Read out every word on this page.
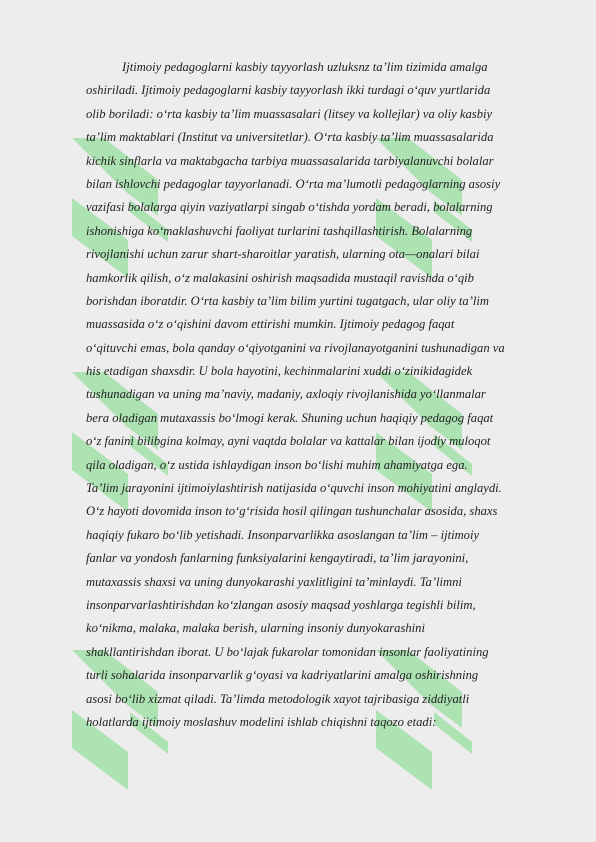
Ijtimoiy pedagoglarni kasbiy tayyorlash uzluksnz ta’lim tizimida amalga
oshiriladi. Ijtimoiy pedagoglarni kasbiy tayyorlash ikki turdagi o‘quv yurtlarida
olib boriladi: o‘rta kasbiy ta’lim muassasalari (litsey va kollejlar) va oliy kasbiy
ta’lim maktablari (Institut va universitetlar). O‘rta kasbiy ta’lim muassasalarida
kichik sinflarla va maktabgacha tarbiya muassasalarida tarbiyalanuvchi bolalar
bilan ishlovchi pedagoglar tayyorlanadi. O‘rta ma’lumotli pedagoglarning asosiy
vazifasi bolalarga qiyin vaziyatlarpi singab o‘tishda yordam beradi, bolalarning
ishonishiga ko‘maklashuvchi faoliyat turlarini tashqillashtirish. Bolalarning
rivojlanishi uchun zarur shart-sharoitlar yaratish, ularning ota—onalari bilai
hamkorlik qilish, o‘z malakasini oshirish maqsadida mustaqil ravishda o‘qib
borishdan iboratdir. O‘rta kasbiy ta’lim bilim yurtini tugatgach, ular oliy ta’lim
muassasida o‘z o‘qishini davom ettirishi mumkin. Ijtimoiy pedagog faqat
o‘qituvchi emas, bola qanday o‘qiyotganini va rivojlanayotganini tushunadigan va
his etadigan shaxsdir. U bola hayotini, kechinmalarini xuddi o‘zinikidagidek
tushunadigan va uning ma’naviy, madaniy, axloqiy rivojlanishida yo‘llanmalar
bera oladigan mutaxassis bo‘lmogi kerak. Shuning uchun haqiqiy pedagog faqat
o‘z fanini bilibgina kolmay, ayni vaqtda bolalar va kattalar bilan ijodiy muloqot
qila oladigan, o‘z ustida ishlaydigan inson bo‘lishi muhim ahamiyatga ega.
Ta’lim jarayonini ijtimoiylashtirish natijasida o‘quvchi inson mohiyatini anglaydi.
O‘z hayoti dovomida inson to‘g‘risida hosil qilingan tushunchalar asosida, shaxs
haqiqiy fukaro bo‘lib yetishadi. Insonparvarlikka asoslangan ta’lim – ijtimoiy
fanlar va yondosh fanlarning funksiyalarini kengaytiradi, ta’lim jarayonini,
mutaxassis shaxsi va uning dunyokarashi yaxlitligini ta’minlaydi. Ta’limni
insonparvarlashtirishdan ko‘zlangan asosiy maqsad yoshlarga tegishli bilim,
ko‘nikma, malaka, malaka berish, ularning insoniy dunyokarashini
shakllantirishdan iborat. U bo‘lajak fukarolar tomonidan insonlar faoliyatining
turli sohalarida insonparvarlik g‘oyasi va kadriyatlarini amalga oshirishning
asosi bo‘lib xizmat qiladi. Ta’limda metodologik xayot tajribasiga ziddiyatli
holatlarda ijtimoiy moslashuv modelini ishlab chiqishni taqozo etadi:
